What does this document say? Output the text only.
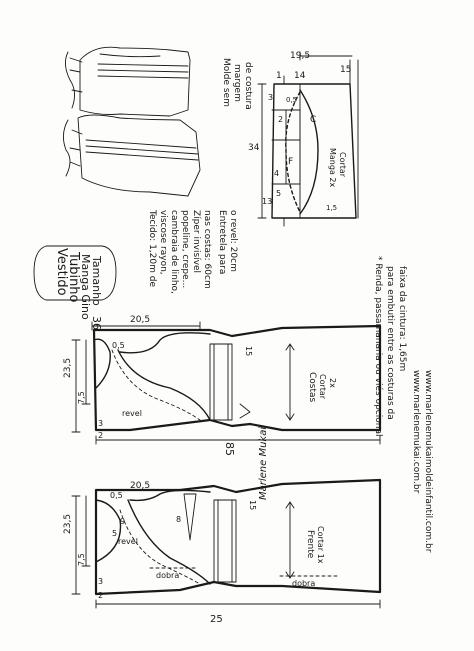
Molde sem margem de costura
19,5
15
1 14
34
13
0,5
1,5
4
3
2
5
F
C
Manga 2x Cortar
Vestido
Tubinho
Manga Gino
Tamanho
36
Tecido: 1,20m de viscose rayon, cambraia de linho, popeline, crepe... Zíper invisível nas costas: 60cm Entretela para o revel: 20cm
* Renda, passamanaria ou viés opcional para embutir entre as costuras da faixa da cintura: 1,65m
www.marlenemukai.com.br www.marlenemukaimoldeinfantil.com.br
Marlene Mukai
20,5
0,5
23,5
7,5
3
2
15
revel
Costas Cortar 2x
85
23,5
7,5
0,5
3
2
9
5
8
15
revel
dobra
dobra
20,5
Frente Cortar 1x
25
